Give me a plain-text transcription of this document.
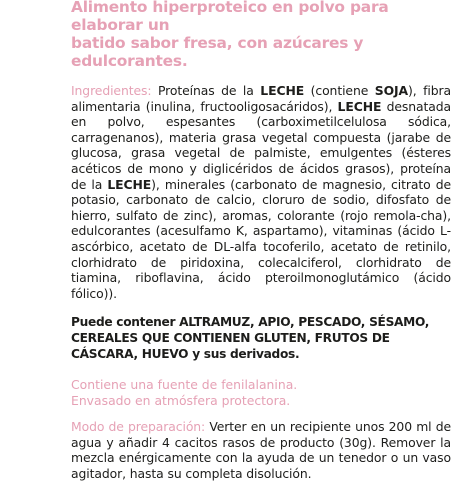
Alimento hiperproteico en polvo para elaborar un
batido sabor fresa, con azúcares y edulcorantes.

Ingredientes: Proteínas de la LECHE (contiene SOJA), fibra alimentaria (inulina, fructooligosacáridos), LECHE desnatada en polvo, espesantes (carboximetilcelulosa sódica, carragenanos), materia grasa vegetal compuesta (jarabe de glucosa, grasa vegetal de palmiste, emulgentes (ésteres acéticos de mono y diglicéridos de ácidos grasos), proteína de la LECHE), minerales (carbonato de magnesio, citrato de potasio, carbonato de calcio, cloruro de sodio, difosfato de hierro, sulfato de zinc), aromas, colorante (rojo remola-cha), edulcorantes (acesulfamo K, aspartamo), vitaminas (ácido L-ascórbico, acetato de DL-alfa tocoferilo, acetato de retinilo, clorhidrato de piridoxina, colecalciferol, clorhidrato de tiamina, riboflavina, ácido pteroilmonoglutámico (ácido fólico)).

Puede contener ALTRAMUZ, APIO, PESCADO, SÉSAMO, CEREALES QUE CONTIENEN GLUTEN, FRUTOS DE CÁSCARA, HUEVO y sus derivados.

Contiene una fuente de fenilalanina.
Envasado en atmósfera protectora.

Modo de preparación: Verter en un recipiente unos 200 ml de agua y añadir 4 cacitos rasos de producto (30g). Remover la mezcla enérgicamente con la ayuda de un tenedor o un vaso agitador, hasta su completa disolución.
